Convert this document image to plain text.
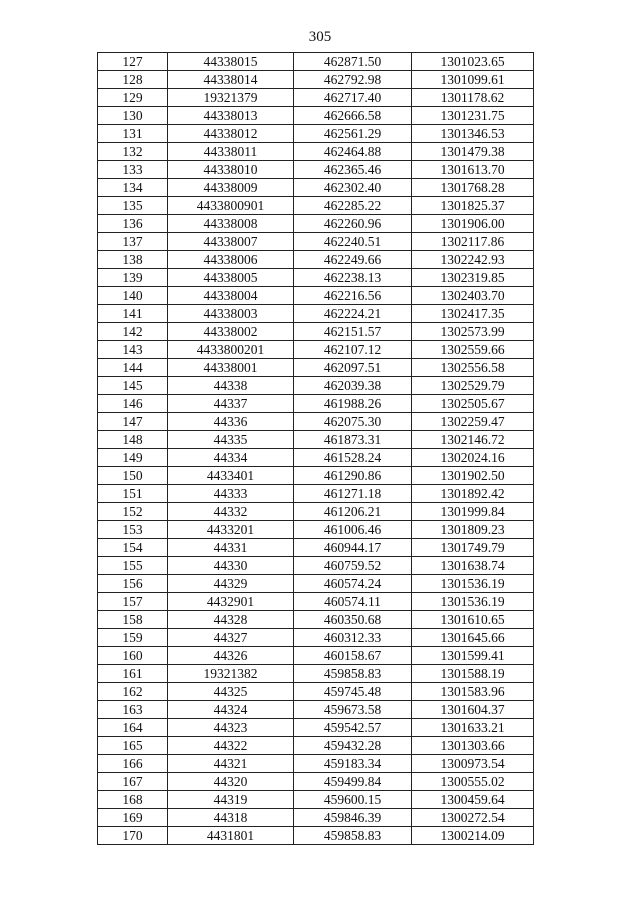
305
127	44338015	462871.50	1301023.65
128	44338014	462792.98	1301099.61
129	19321379	462717.40	1301178.62
130	44338013	462666.58	1301231.75
131	44338012	462561.29	1301346.53
132	44338011	462464.88	1301479.38
133	44338010	462365.46	1301613.70
134	44338009	462302.40	1301768.28
135	4433800901	462285.22	1301825.37
136	44338008	462260.96	1301906.00
137	44338007	462240.51	1302117.86
138	44338006	462249.66	1302242.93
139	44338005	462238.13	1302319.85
140	44338004	462216.56	1302403.70
141	44338003	462224.21	1302417.35
142	44338002	462151.57	1302573.99
143	4433800201	462107.12	1302559.66
144	44338001	462097.51	1302556.58
145	44338	462039.38	1302529.79
146	44337	461988.26	1302505.67
147	44336	462075.30	1302259.47
148	44335	461873.31	1302146.72
149	44334	461528.24	1302024.16
150	4433401	461290.86	1301902.50
151	44333	461271.18	1301892.42
152	44332	461206.21	1301999.84
153	4433201	461006.46	1301809.23
154	44331	460944.17	1301749.79
155	44330	460759.52	1301638.74
156	44329	460574.24	1301536.19
157	4432901	460574.11	1301536.19
158	44328	460350.68	1301610.65
159	44327	460312.33	1301645.66
160	44326	460158.67	1301599.41
161	19321382	459858.83	1301588.19
162	44325	459745.48	1301583.96
163	44324	459673.58	1301604.37
164	44323	459542.57	1301633.21
165	44322	459432.28	1301303.66
166	44321	459183.34	1300973.54
167	44320	459499.84	1300555.02
168	44319	459600.15	1300459.64
169	44318	459846.39	1300272.54
170	4431801	459858.83	1300214.09
